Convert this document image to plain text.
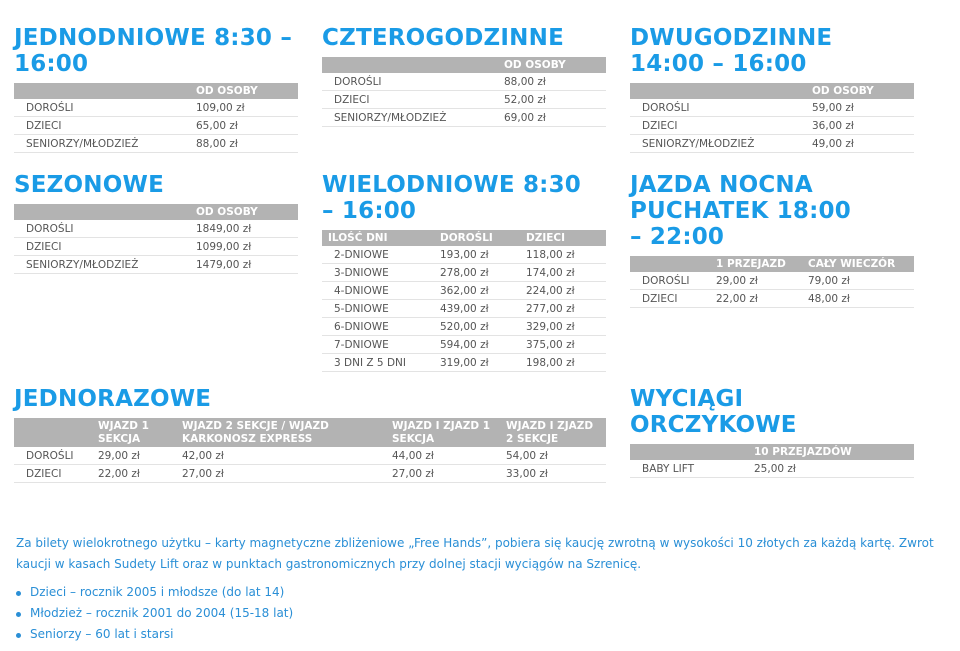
JEDNODNIOWE 8:30 – 16:00
	OD OSOBY
DOROŚLI	109,00 zł
DZIECI	65,00 zł
SENIORZY/MŁODZIEŻ	88,00 zł
SEZONOWE
	OD OSOBY
DOROŚLI	1849,00 zł
DZIECI	1099,00 zł
SENIORZY/MŁODZIEŻ	1479,00 zł
CZTEROGODZINNE
	OD OSOBY
DOROŚLI	88,00 zł
DZIECI	52,00 zł
SENIORZY/MŁODZIEŻ	69,00 zł
WIELODNIOWE 8:30 – 16:00
ILOŚĆ DNI	DOROŚLI	DZIECI
2-DNIOWE	193,00 zł	118,00 zł
3-DNIOWE	278,00 zł	174,00 zł
4-DNIOWE	362,00 zł	224,00 zł
5-DNIOWE	439,00 zł	277,00 zł
6-DNIOWE	520,00 zł	329,00 zł
7-DNIOWE	594,00 zł	375,00 zł
3 DNI Z 5 DNI	319,00 zł	198,00 zł
DWUGODZINNE 14:00 – 16:00
	OD OSOBY
DOROŚLI	59,00 zł
DZIECI	36,00 zł
SENIORZY/MŁODZIEŻ	49,00 zł
JAZDA NOCNA PUCHATEK 18:00 – 22:00
	1 PRZEJAZD	CAŁY WIECZÓR
DOROŚLI	29,00 zł	79,00 zł
DZIECI	22,00 zł	48,00 zł
JEDNORAZOWE
	WJAZD 1 SEKCJA	WJAZD 2 SEKCJE / WJAZD KARKONOSZ EXPRESS	WJAZD I ZJAZD 1 SEKCJA	WJAZD I ZJAZD 2 SEKCJE
DOROŚLI	29,00 zł	42,00 zł	44,00 zł	54,00 zł
DZIECI	22,00 zł	27,00 zł	27,00 zł	33,00 zł
WYCIĄGI ORCZYKOWE
	10 PRZEJAZDÓW
BABY LIFT	25,00 zł

Za bilety wielokrotnego użytku – karty magnetyczne zbliżeniowe „Free Hands”, pobiera się kaucję zwrotną w wysokości 10 złotych za każdą kartę. Zwrot kaucji w kasach Sudety Lift oraz w punktach gastronomicznych przy dolnej stacji wyciągów na Szrenicę.

Dzieci – rocznik 2005 i młodsze (do lat 14)
Młodzież – rocznik 2001 do 2004 (15-18 lat)
Seniorzy – 60 lat i starsi
